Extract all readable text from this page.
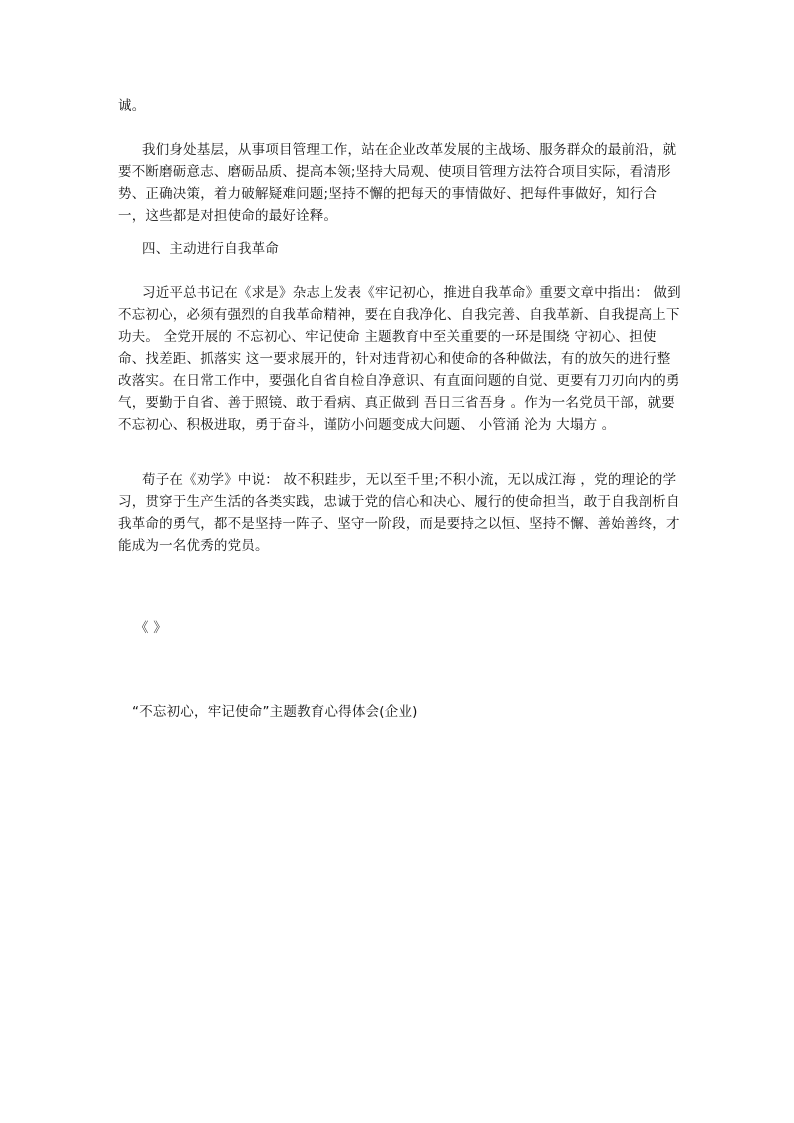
诚。
我们身处基层，从事项目管理工作，站在企业改革发展的主战场、服务群众的最前沿，就要不断磨砺意志、磨砺品质、提高本领;坚持大局观、使项目管理方法符合项目实际，看清形势、正确决策，着力破解疑难问题;坚持不懈的把每天的事情做好、把每件事做好，知行合一，这些都是对担使命的最好诠释。
四、主动进行自我革命
习近平总书记在《求是》杂志上发表《牢记初心，推进自我革命》重要文章中指出： 做到不忘初心，必须有强烈的自我革命精神，要在自我净化、自我完善、自我革新、自我提高上下功夫。 全党开展的 不忘初心、牢记使命 主题教育中至关重要的一环是围绕 守初心、担使命、找差距、抓落实 这一要求展开的，针对违背初心和使命的各种做法，有的放矢的进行整改落实。在日常工作中，要强化自省自检自净意识、有直面问题的自觉、更要有刀刃向内的勇气，要勤于自省、善于照镜、敢于看病、真正做到 吾日三省吾身 。作为一名党员干部，就要不忘初心、积极进取，勇于奋斗，谨防小问题变成大问题、 小管涌 沦为 大塌方 。
荀子在《劝学》中说： 故不积跬步，无以至千里;不积小流，无以成江海 ，党的理论的学习，贯穿于生产生活的各类实践，忠诚于党的信心和决心、履行的使命担当，敢于自我剖析自我革命的勇气，都不是坚持一阵子、坚守一阶段，而是要持之以恒、坚持不懈、善始善终，才能成为一名优秀的党员。
《 》
“不忘初心，牢记使命”主题教育心得体会(企业)
